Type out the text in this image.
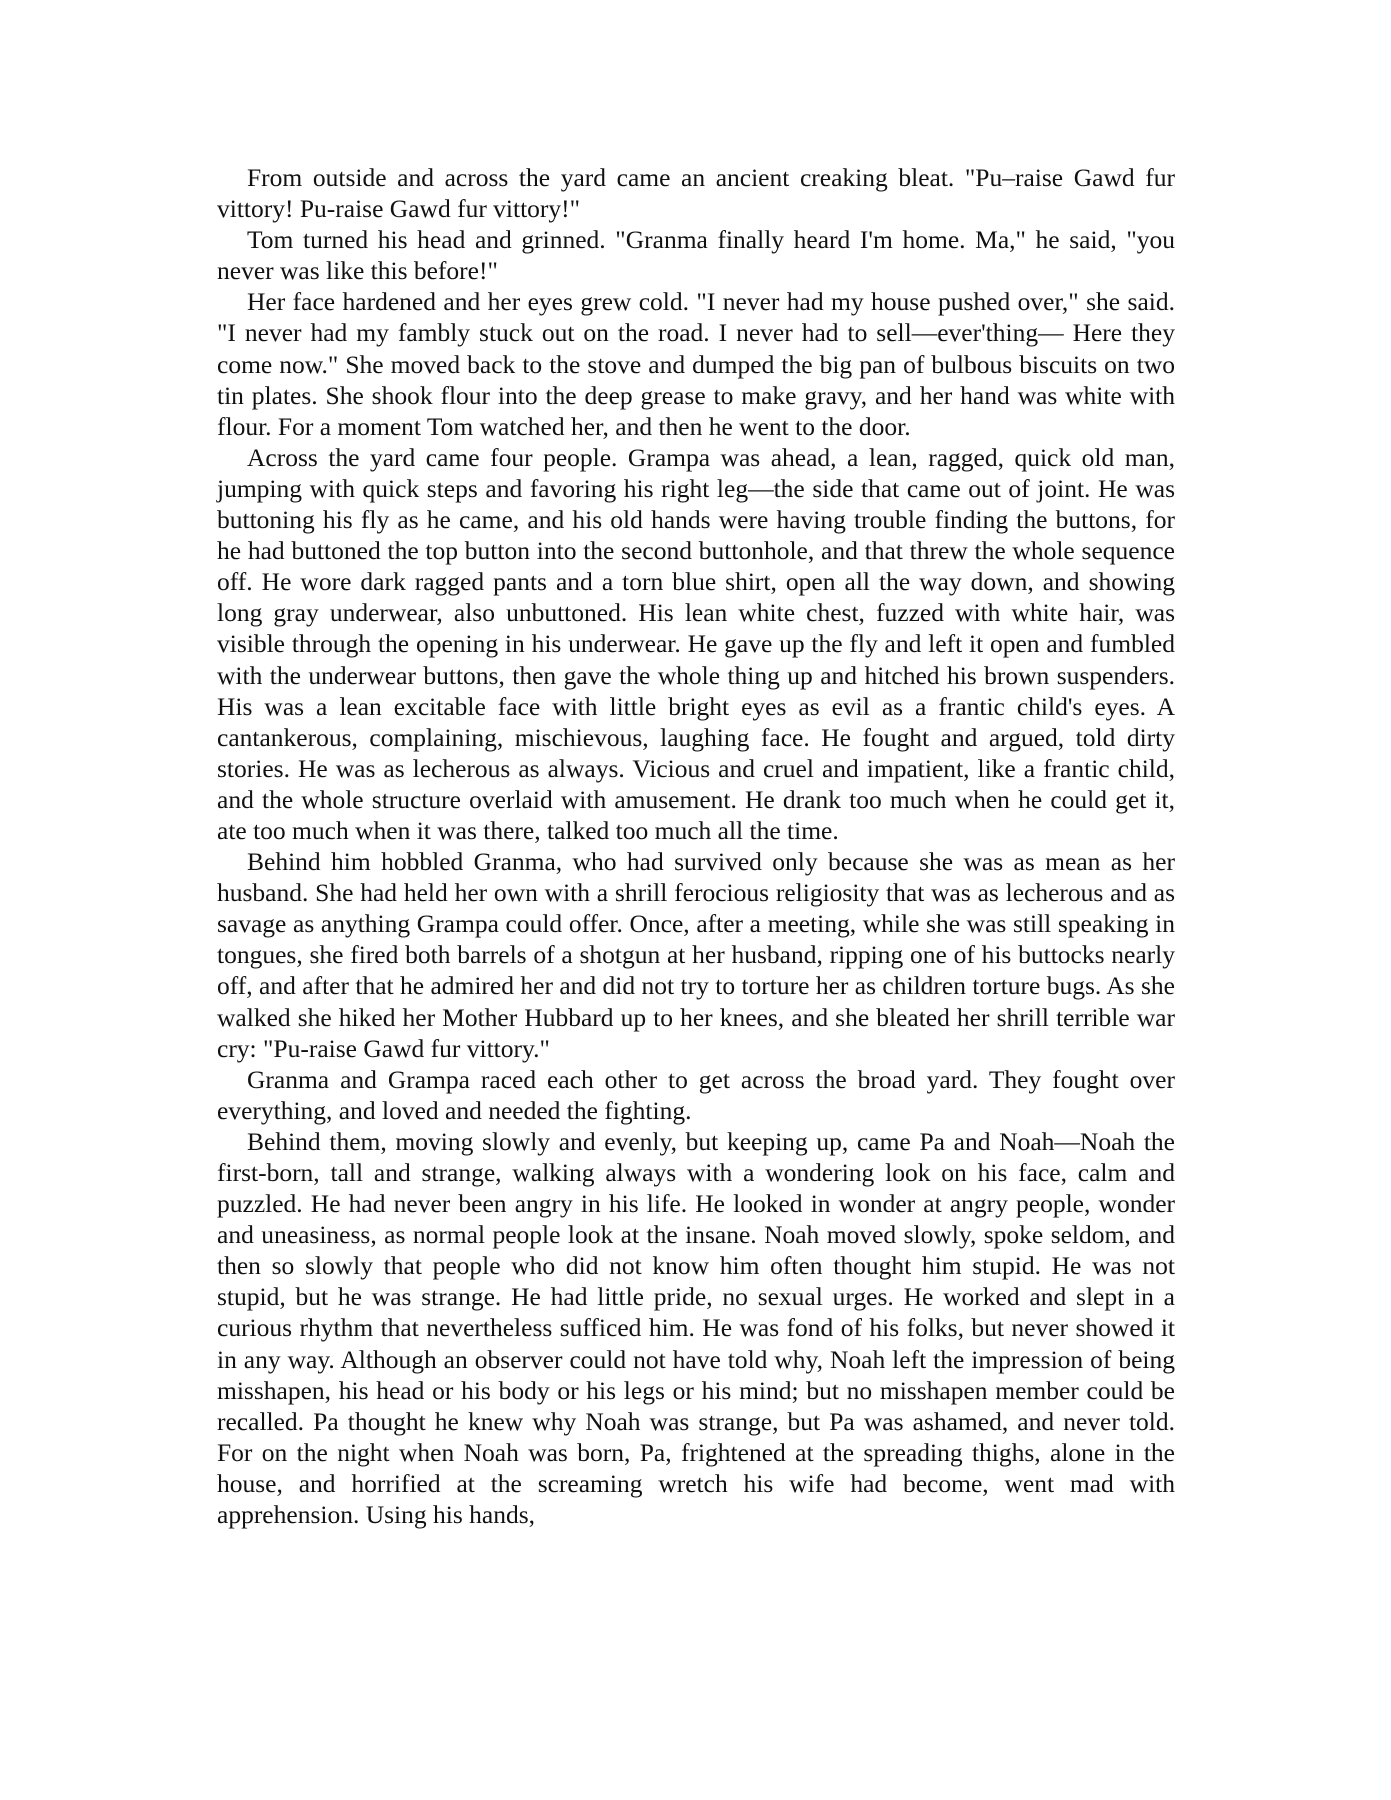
From outside and across the yard came an ancient creaking bleat. "Pu–raise Gawd fur vittory! Pu-raise Gawd fur vittory!"

Tom turned his head and grinned. "Granma finally heard I'm home. Ma," he said, "you never was like this before!"

Her face hardened and her eyes grew cold. "I never had my house pushed over," she said. "I never had my fambly stuck out on the road. I never had to sell—ever'thing— Here they come now." She moved back to the stove and dumped the big pan of bulbous biscuits on two tin plates. She shook flour into the deep grease to make gravy, and her hand was white with flour. For a moment Tom watched her, and then he went to the door.

Across the yard came four people. Grampa was ahead, a lean, ragged, quick old man, jumping with quick steps and favoring his right leg—the side that came out of joint. He was buttoning his fly as he came, and his old hands were having trouble finding the buttons, for he had buttoned the top button into the second buttonhole, and that threw the whole sequence off. He wore dark ragged pants and a torn blue shirt, open all the way down, and showing long gray underwear, also unbuttoned. His lean white chest, fuzzed with white hair, was visible through the opening in his underwear. He gave up the fly and left it open and fumbled with the underwear buttons, then gave the whole thing up and hitched his brown suspenders. His was a lean excitable face with little bright eyes as evil as a frantic child's eyes. A cantankerous, complaining, mischievous, laughing face. He fought and argued, told dirty stories. He was as lecherous as always. Vicious and cruel and impatient, like a frantic child, and the whole structure overlaid with amusement. He drank too much when he could get it, ate too much when it was there, talked too much all the time.

Behind him hobbled Granma, who had survived only because she was as mean as her husband. She had held her own with a shrill ferocious religiosity that was as lecherous and as savage as anything Grampa could offer. Once, after a meeting, while she was still speaking in tongues, she fired both barrels of a shotgun at her husband, ripping one of his buttocks nearly off, and after that he admired her and did not try to torture her as children torture bugs. As she walked she hiked her Mother Hubbard up to her knees, and she bleated her shrill terrible war cry: "Pu-raise Gawd fur vittory."

Granma and Grampa raced each other to get across the broad yard. They fought over everything, and loved and needed the fighting.

Behind them, moving slowly and evenly, but keeping up, came Pa and Noah—Noah the first-born, tall and strange, walking always with a wondering look on his face, calm and puzzled. He had never been angry in his life. He looked in wonder at angry people, wonder and uneasiness, as normal people look at the insane. Noah moved slowly, spoke seldom, and then so slowly that people who did not know him often thought him stupid. He was not stupid, but he was strange. He had little pride, no sexual urges. He worked and slept in a curious rhythm that nevertheless sufficed him. He was fond of his folks, but never showed it in any way. Although an observer could not have told why, Noah left the impression of being misshapen, his head or his body or his legs or his mind; but no misshapen member could be recalled. Pa thought he knew why Noah was strange, but Pa was ashamed, and never told. For on the night when Noah was born, Pa, frightened at the spreading thighs, alone in the house, and horrified at the screaming wretch his wife had become, went mad with apprehension. Using his hands,
